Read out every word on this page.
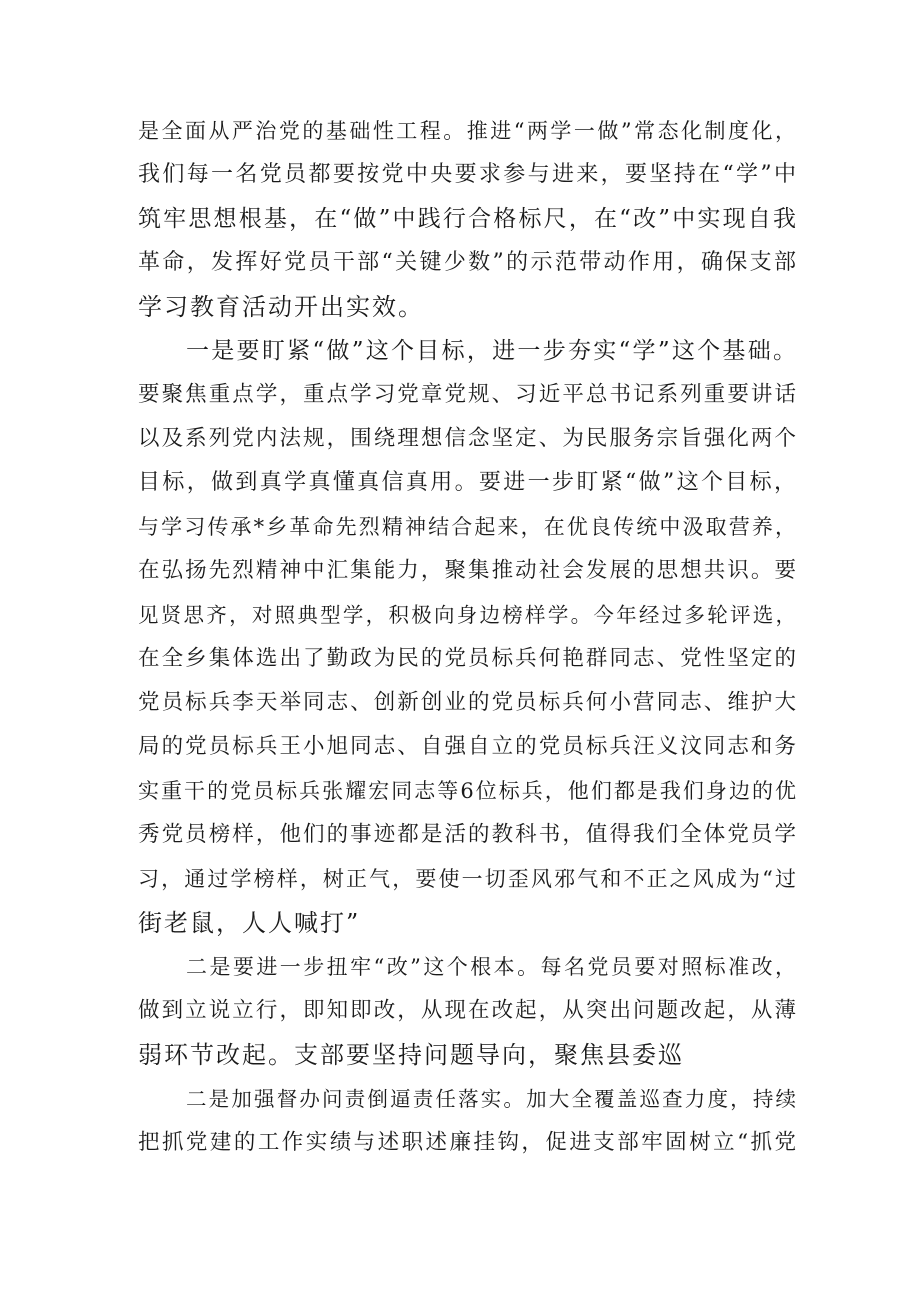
是全面从严治党的基础性工程。推进“两学一做”常态化制度化，
我们每一名党员都要按党中央要求参与进来，要坚持在“学”中
筑牢思想根基，在“做”中践行合格标尺，在“改”中实现自我
革命，发挥好党员干部“关键少数”的示范带动作用，确保支部
学习教育活动开出实效。
一是要盯紧“做”这个目标，进一步夯实“学”这个基础。
要聚焦重点学，重点学习党章党规、习近平总书记系列重要讲话
以及系列党内法规，围绕理想信念坚定、为民服务宗旨强化两个
目标，做到真学真懂真信真用。要进一步盯紧“做”这个目标，
与学习传承*乡革命先烈精神结合起来，在优良传统中汲取营养，
在弘扬先烈精神中汇集能力，聚集推动社会发展的思想共识。要
见贤思齐，对照典型学，积极向身边榜样学。今年经过多轮评选，
在全乡集体选出了勤政为民的党员标兵何艳群同志、党性坚定的
党员标兵李天举同志、创新创业的党员标兵何小营同志、维护大
局的党员标兵王小旭同志、自强自立的党员标兵汪义汶同志和务
实重干的党员标兵张耀宏同志等6位标兵，他们都是我们身边的优
秀党员榜样，他们的事迹都是活的教科书，值得我们全体党员学
习，通过学榜样，树正气，要使一切歪风邪气和不正之风成为“过
街老鼠，人人喊打”
二是要进一步扭牢“改”这个根本。每名党员要对照标准改，
做到立说立行，即知即改，从现在改起，从突出问题改起，从薄
弱环节改起。支部要坚持问题导向，聚焦县委巡
二是加强督办问责倒逼责任落实。加大全覆盖巡查力度，持续
把抓党建的工作实绩与述职述廉挂钩，促进支部牢固树立“抓党
